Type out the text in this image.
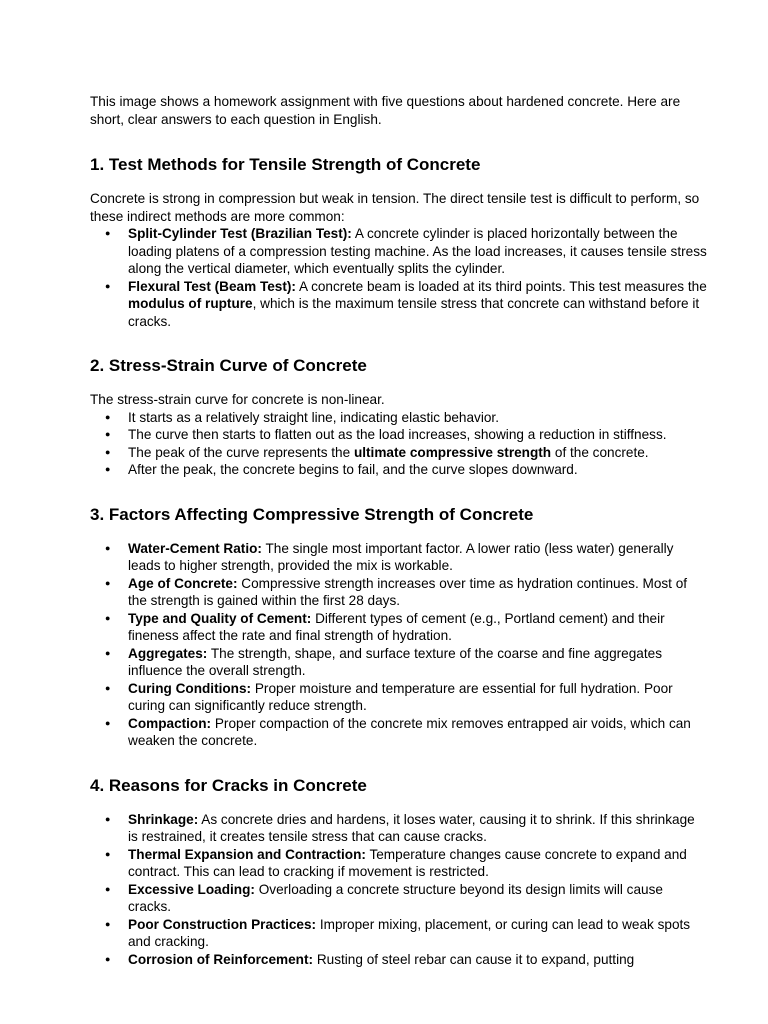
This image shows a homework assignment with five questions about hardened concrete. Here are short, clear answers to each question in English.

1. Test Methods for Tensile Strength of Concrete

Concrete is strong in compression but weak in tension. The direct tensile test is difficult to perform, so these indirect methods are more common:

● Split-Cylinder Test (Brazilian Test): A concrete cylinder is placed horizontally between the loading platens of a compression testing machine. As the load increases, it causes tensile stress along the vertical diameter, which eventually splits the cylinder.
● Flexural Test (Beam Test): A concrete beam is loaded at its third points. This test measures the modulus of rupture, which is the maximum tensile stress that concrete can withstand before it cracks.
2. Stress-Strain Curve of Concrete

The stress-strain curve for concrete is non-linear.

● It starts as a relatively straight line, indicating elastic behavior.
● The curve then starts to flatten out as the load increases, showing a reduction in stiffness.
● The peak of the curve represents the ultimate compressive strength of the concrete.
● After the peak, the concrete begins to fail, and the curve slopes downward.
3. Factors Affecting Compressive Strength of Concrete
● Water-Cement Ratio: The single most important factor. A lower ratio (less water) generally leads to higher strength, provided the mix is workable.
● Age of Concrete: Compressive strength increases over time as hydration continues. Most of the strength is gained within the first 28 days.
● Type and Quality of Cement: Different types of cement (e.g., Portland cement) and their fineness affect the rate and final strength of hydration.
● Aggregates: The strength, shape, and surface texture of the coarse and fine aggregates influence the overall strength.
● Curing Conditions: Proper moisture and temperature are essential for full hydration. Poor curing can significantly reduce strength.
● Compaction: Proper compaction of the concrete mix removes entrapped air voids, which can weaken the concrete.
4. Reasons for Cracks in Concrete
● Shrinkage: As concrete dries and hardens, it loses water, causing it to shrink. If this shrinkage is restrained, it creates tensile stress that can cause cracks.
● Thermal Expansion and Contraction: Temperature changes cause concrete to expand and contract. This can lead to cracking if movement is restricted.
● Excessive Loading: Overloading a concrete structure beyond its design limits will cause cracks.
● Poor Construction Practices: Improper mixing, placement, or curing can lead to weak spots and cracking.
● Corrosion of Reinforcement: Rusting of steel rebar can cause it to expand, putting
